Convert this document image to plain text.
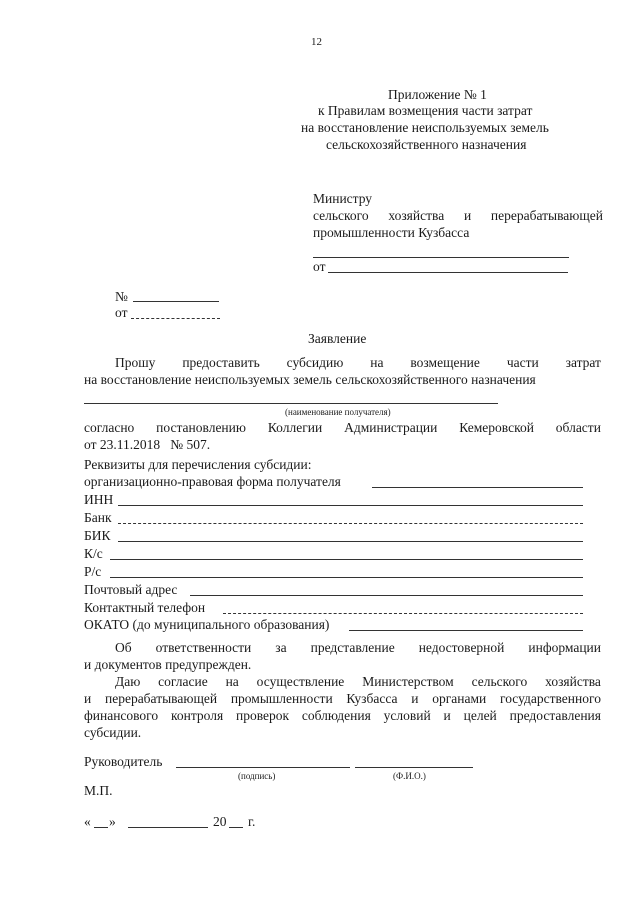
12
Приложение № 1
к Правилам возмещения части затрат
на восстановление неиспользуемых земель
сельскохозяйственного назначения
Министру
сельского хозяйства и перерабатывающей
промышленности Кузбасса
от
№
от
Заявление
Прошу предоставить субсидию на возмещение части затрат
на восстановление неиспользуемых земель сельскохозяйственного назначения
(наименование получателя)
согласно постановлению Коллегии Администрации Кемеровской области
от 23.11.2018   № 507.
Реквизиты для перечисления субсидии:
организационно-правовая форма получателя
ИНН
Банк
БИК
К/с
Р/с
Почтовый адрес
Контактный телефон
ОКАТО (до муниципального образования)
Об ответственности за представление недостоверной информации
и документов предупрежден.
Даю согласие на осуществление Министерством сельского хозяйства
и перерабатывающей промышленности Кузбасса и органами государственного
финансового контроля проверок соблюдения условий и целей предоставления
субсидии.
Руководитель
(подпись)	(Ф.И.О.)
М.П.
« »	20 г.
